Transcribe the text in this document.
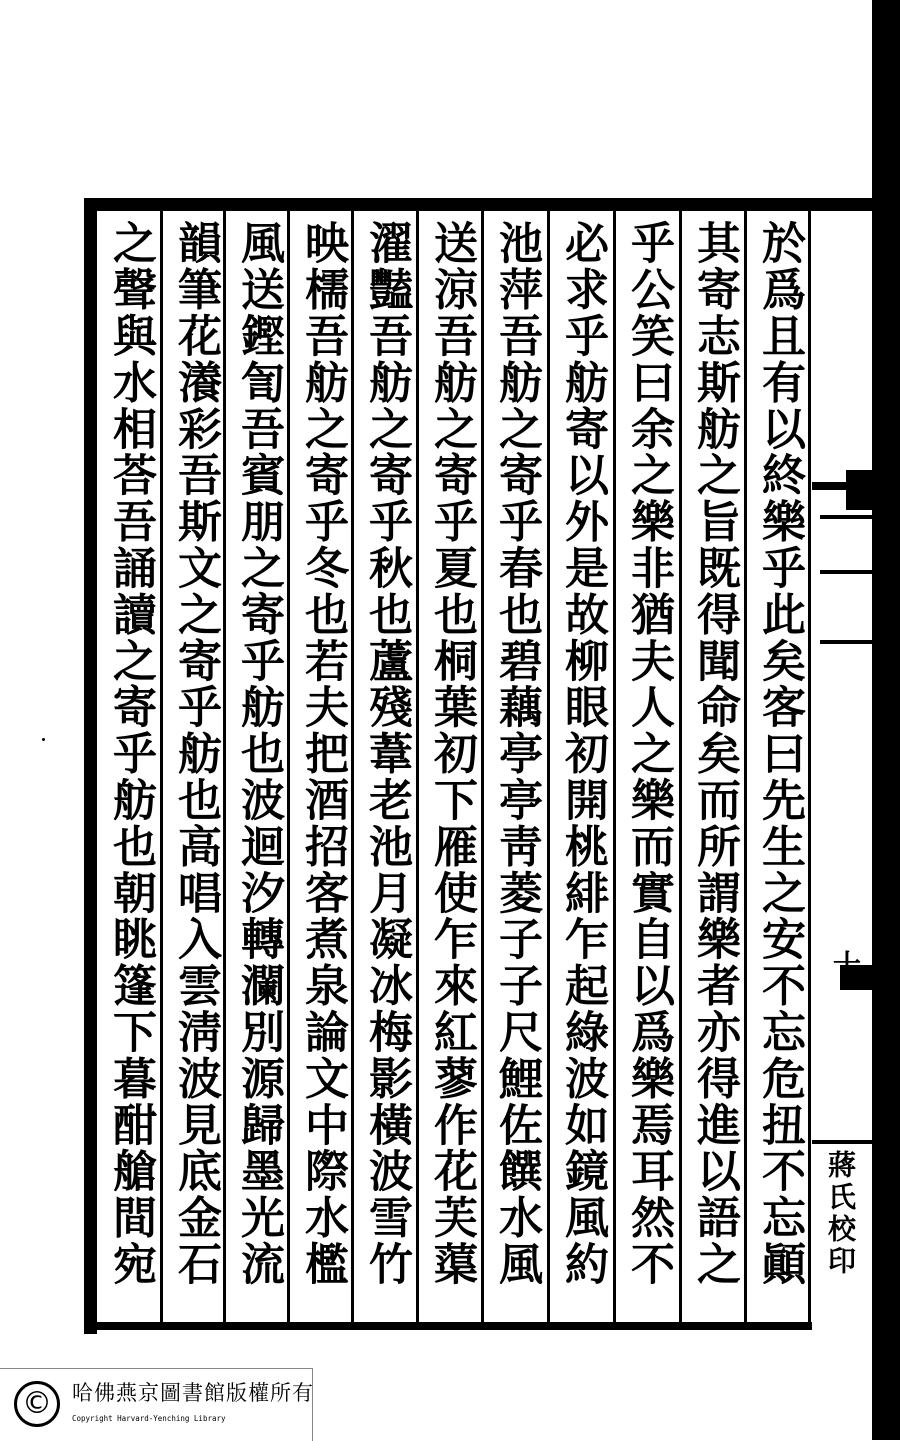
於爲且有以終樂乎此矣客曰先生之安不忘危扭不忘顚
其寄志斯舫之旨既得聞命矣而所謂樂者亦得進以語之
乎公笑曰余之樂非猶夫人之樂而實自以爲樂焉耳然不
必求乎舫寄以外是故柳眼初開桃緋乍起綠波如鏡風約
池萍吾舫之寄乎春也碧藕亭亭靑菱子子尺鯉佐饌水風
送涼吾舫之寄乎夏也桐葉初下雁使乍來紅蓼作花芙蕖
濯豔吾舫之寄乎秋也蘆殘葦老池月凝冰梅影橫波雪竹
映檽吾舫之寄乎冬也若夫把酒招客煮泉論文中際水檻
風送鏗訇吾賓朋之寄乎舫也波迴汐轉瀾別源歸墨光流
韻筆花瀁彩吾斯文之寄乎舫也高唱入雲淸波見底金石
之聲與水相荅吾誦讀之寄乎舫也朝眺篷下暮酣艙間宛	十
蔣氏校印
© 哈佛燕京圖書館版權所有
Copyright Harvard-Yenching Library
